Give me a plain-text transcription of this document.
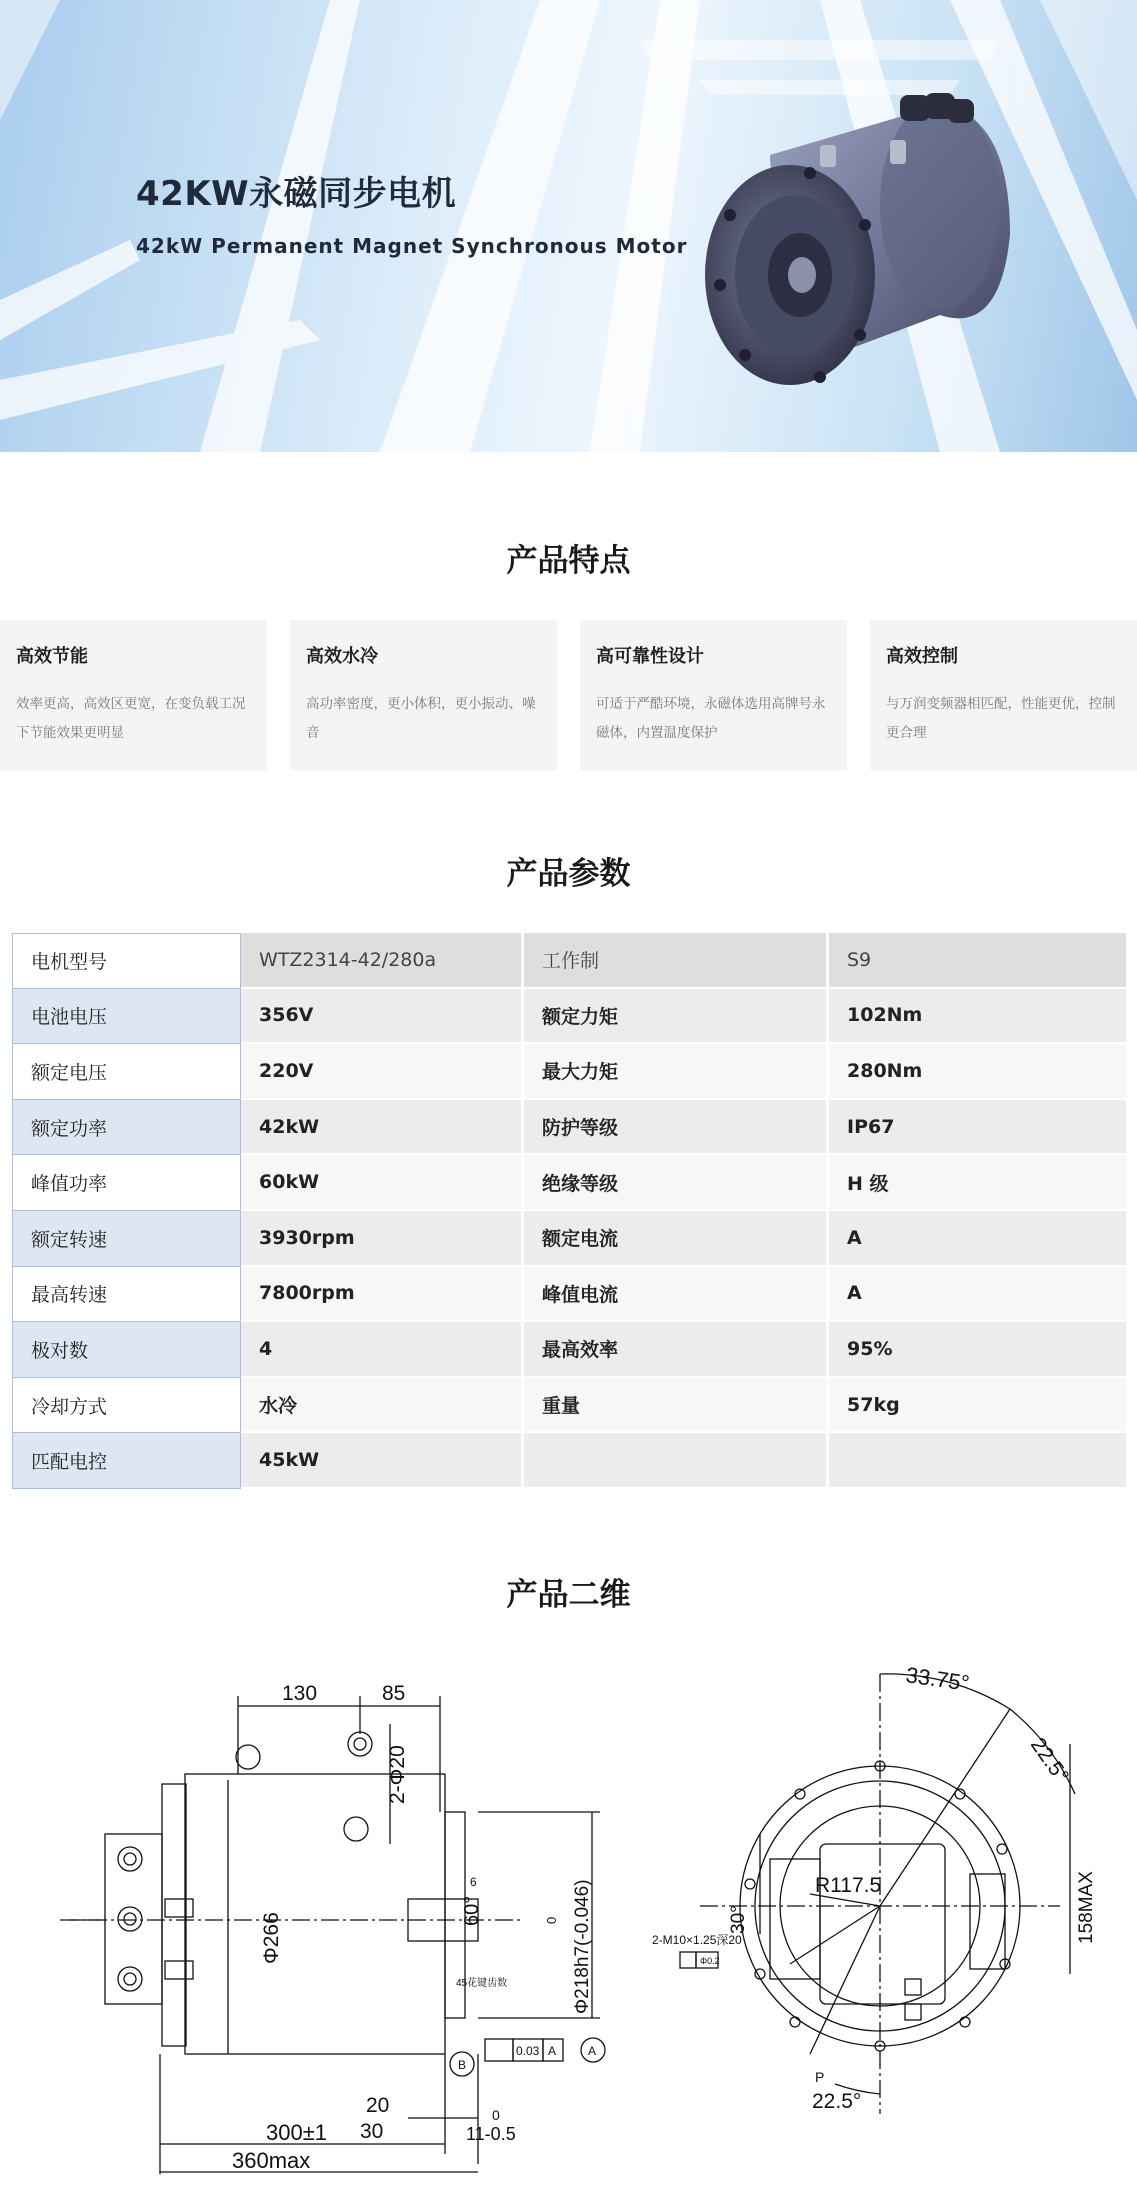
42KW永磁同步电机
42kW Permanent Magnet Synchronous Motor
产品特点
高效节能
效率更高，高效区更宽，在变负载工况下节能效果更明显
高效水冷
高功率密度，更小体积，更小振动、噪音
高可靠性设计
可适于严酷环境，永磁体选用高牌号永磁体，内置温度保护
高效控制
与万润变频器相匹配，性能更优，控制更合理
产品参数
电机型号	WTZ2314-42/280a	工作制	S9
电池电压	356V	额定力矩	102Nm
额定电压	220V	最大力矩	280Nm
额定功率	42kW	防护等级	IP67
峰值功率	60kW	绝缘等级	H 级
额定转速	3930rpm	额定电流	A
最高转速	7800rpm	峰值电流	A
极对数	4	最高效率	95%
冷却方式	水冷	重量	57kg
匹配电控	45kW		
产品二维
130	85
2-Φ20
Φ266	Φ218h7(-0.046)
0
60°
6
45花键齿数
20
30
300±1
360max
11-0.5
0
0.03 A	A
B
33.75°
22.5°
158MAX
30°
R117.5
2-M10×1.25深20
Φ0.2
P
22.5°
